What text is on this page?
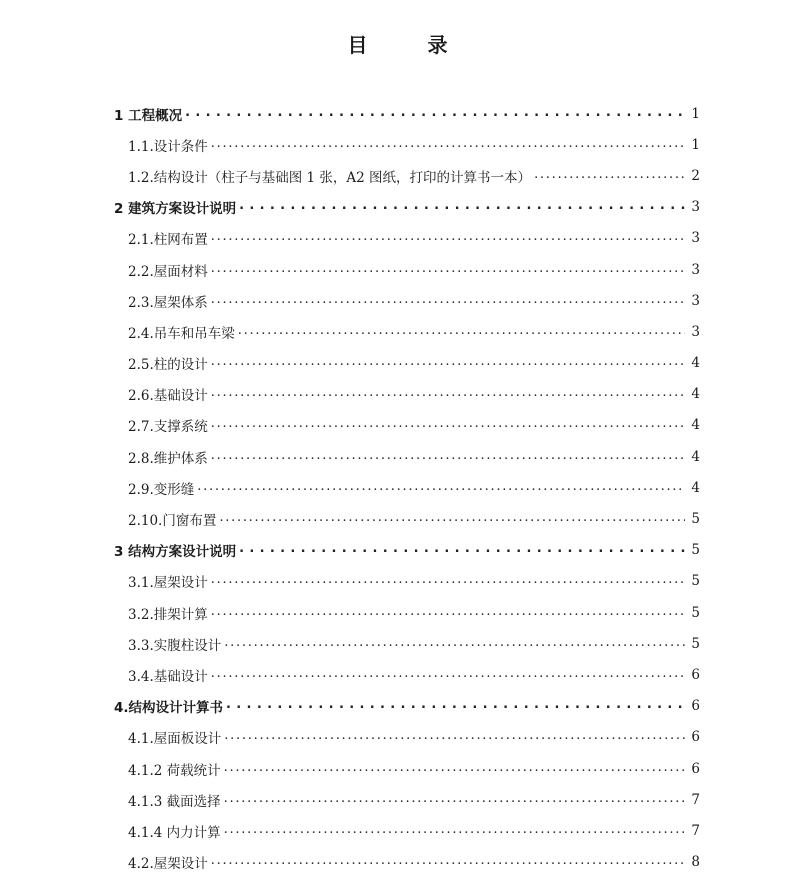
目　录
1 工程概况 . . .	1
1.1.设计条件 . . .	1
1.2.结构设计（柱子与基础图 1 张，A2 图纸，打印的计算书一本） . . .	2
2 建筑方案设计说明 . . .	3
2.1.柱网布置 . . .	3
2.2.屋面材料 . . .	3
2.3.屋架体系 . . .	3
2.4.吊车和吊车梁 . . .	3
2.5.柱的设计 . . .	4
2.6.基础设计 . . .	4
2.7.支撑系统 . . .	4
2.8.维护体系 . . .	4
2.9.变形缝 . . .	4
2.10.门窗布置 . . .	5
3 结构方案设计说明 . . .	5
3.1.屋架设计 . . .	5
3.2.排架计算 . . .	5
3.3.实腹柱设计 . . .	5
3.4.基础设计 . . .	6
4.结构设计计算书 . . .	6
4.1.屋面板设计 . . .	6
4.1.2 荷载统计 . . .	6
4.1.3 截面选择 . . .	7
4.1.4 内力计算 . . .	7
4.2.屋架设计 . . .	8
